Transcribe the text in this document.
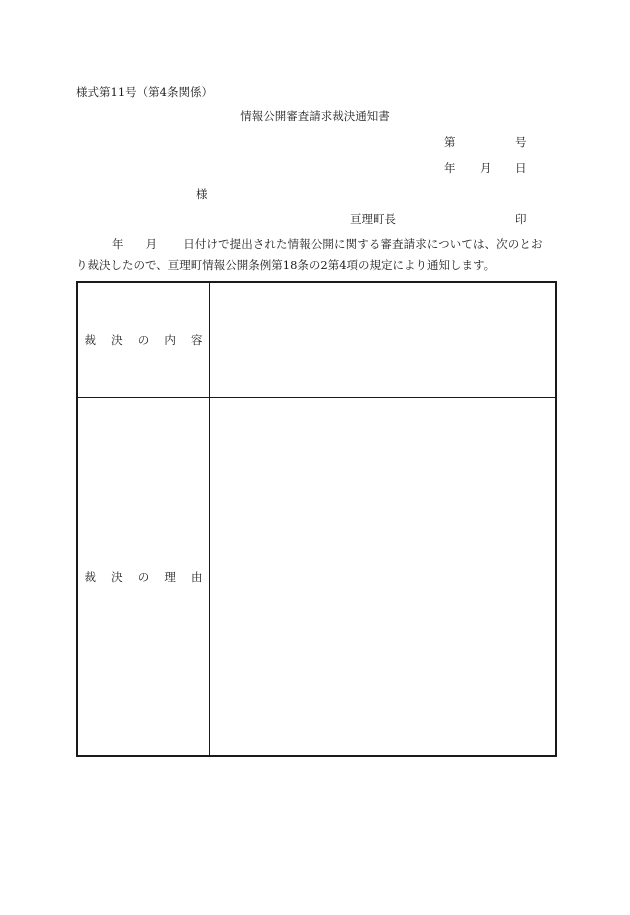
様式第11号（第4条関係）
情報公開審査請求裁決通知書
第	号
年 月 日
様
亘理町長	印
年 月 日付けで提出された情報公開に関する審査請求については、次のとお
り裁決したので、亘理町情報公開条例第18条の2第4項の規定により通知します。
裁 決 の 内 容
裁 決 の 理 由
